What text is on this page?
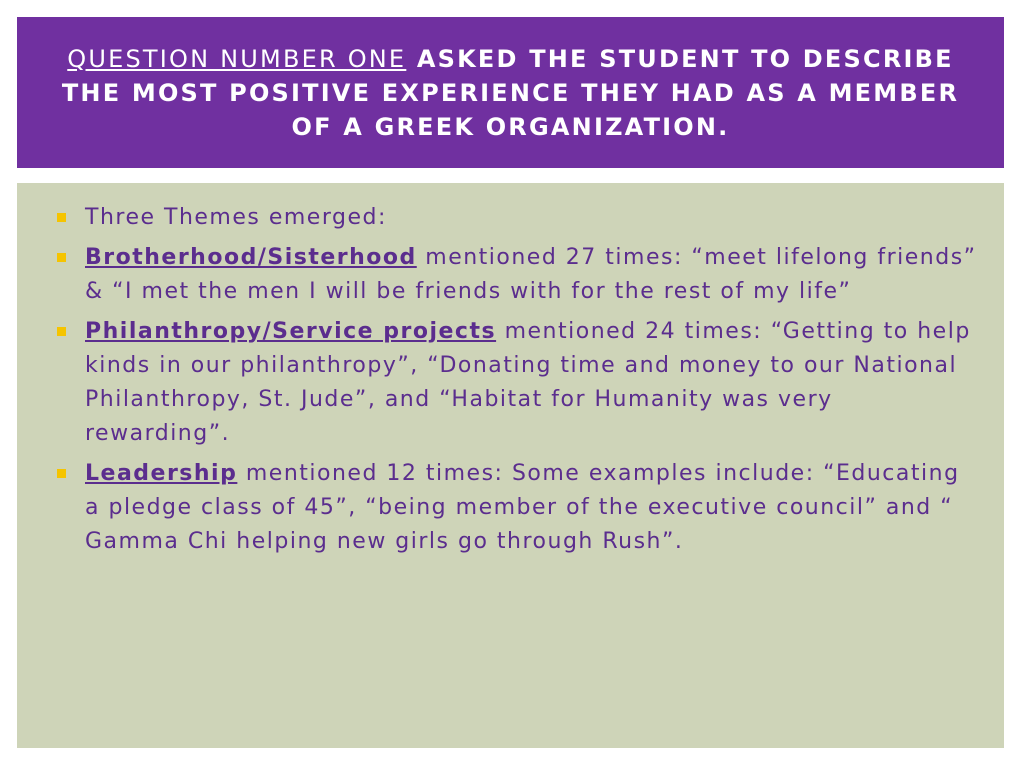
QUESTION NUMBER ONE ASKED THE STUDENT TO DESCRIBE THE MOST POSITIVE EXPERIENCE THEY HAD AS A MEMBER OF A GREEK ORGANIZATION.
Three Themes emerged:
Brotherhood/Sisterhood mentioned 27 times: “meet lifelong friends” & “I met the men I will be friends with for the rest of my life”
Philanthropy/Service projects mentioned 24 times: “Getting to help kinds in our philanthropy”, “Donating time and money to our National Philanthropy, St. Jude”, and “Habitat for Humanity was very rewarding”.
Leadership mentioned 12 times: Some examples include: “Educating a pledge class of 45”, “being member of the executive council” and “ Gamma Chi helping new girls go through Rush”.
